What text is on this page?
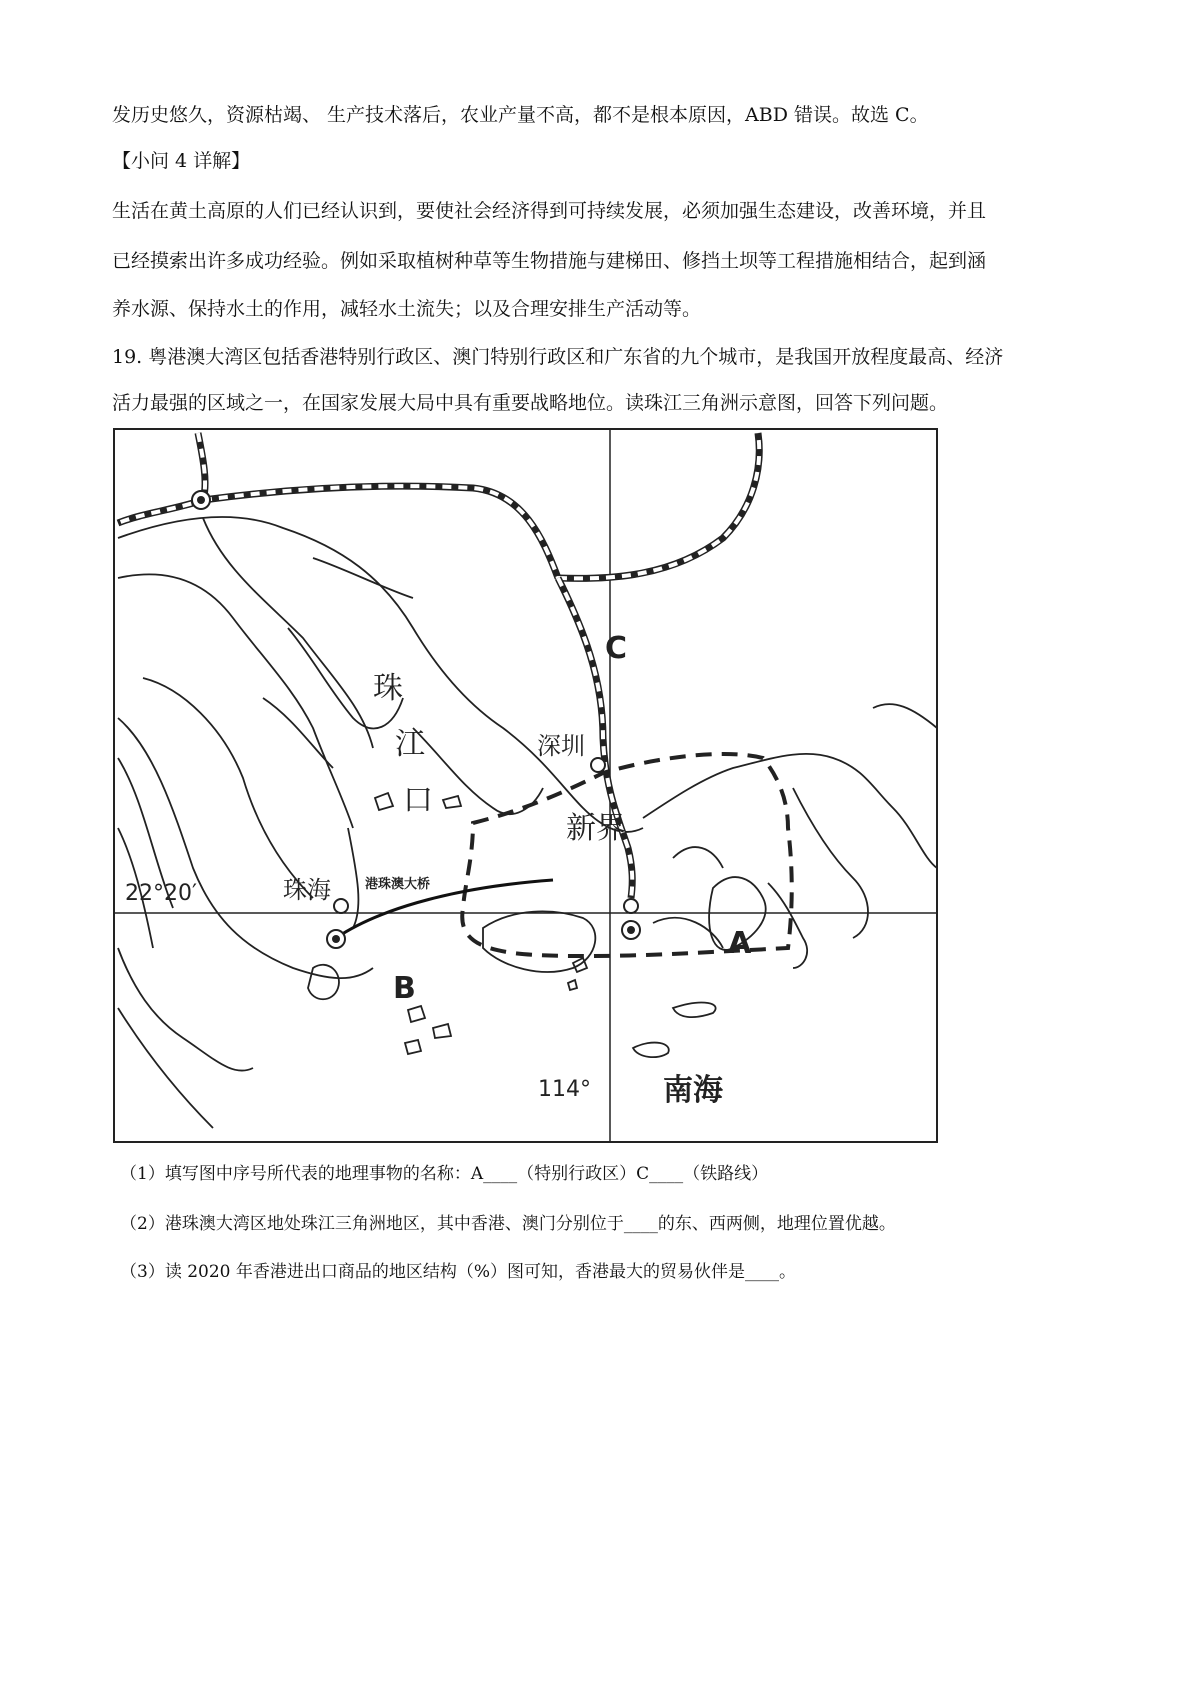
发历史悠久，资源枯竭、 生产技术落后，农业产量不高，都不是根本原因，ABD 错误。故选 C。
【小问 4 详解】
生活在黄土高原的人们已经认识到，要使社会经济得到可持续发展，必须加强生态建设，改善环境，并且
已经摸索出许多成功经验。例如采取植树种草等生物措施与建梯田、修挡土坝等工程措施相结合，起到涵
养水源、保持水土的作用，减轻水土流失；以及合理安排生产活动等。
19. 粤港澳大湾区包括香港特别行政区、澳门特别行政区和广东省的九个城市，是我国开放程度最高、经济
活力最强的区域之一，在国家发展大局中具有重要战略地位。读珠江三角洲示意图，回答下列问题。
珠
江
口
深圳
新界
珠海	港珠澳大桥
22°20′
114° 南海
A
B
C
（1）填写图中序号所代表的地理事物的名称：A____（特别行政区）C____（铁路线）
（2）港珠澳大湾区地处珠江三角洲地区，其中香港、澳门分别位于____的东、西两侧，地理位置优越。
（3）读 2020 年香港进出口商品的地区结构（%）图可知，香港最大的贸易伙伴是____。
